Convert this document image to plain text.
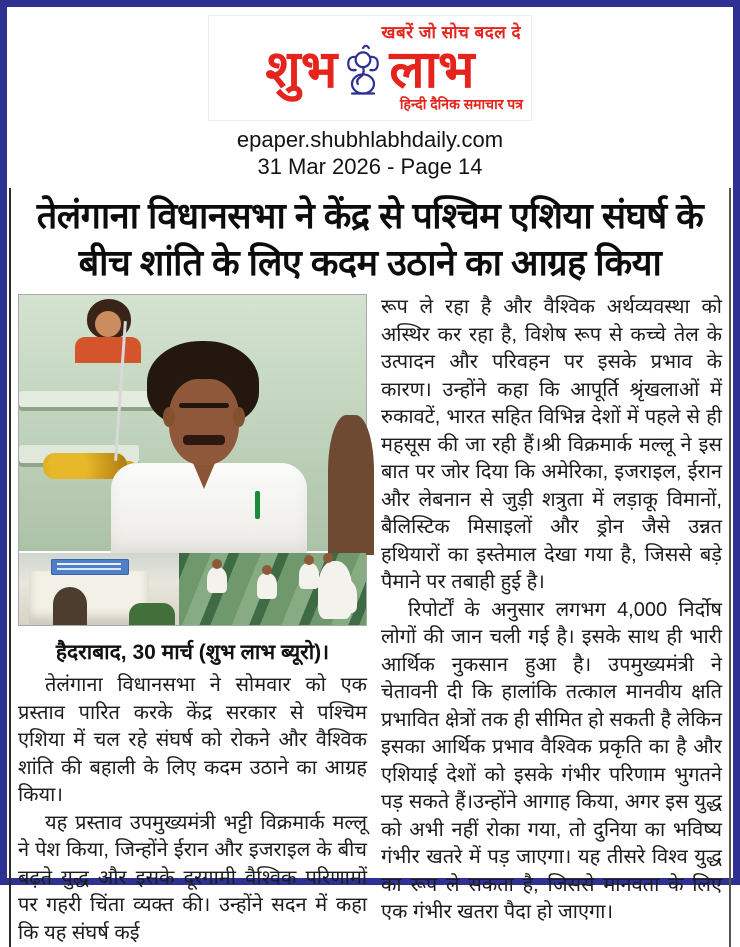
खबरें जो सोच बदल दे
शुभ लाभ
हिन्दी दैनिक समाचार पत्र
epaper.shubhlabhdaily.com
31 Mar 2026 - Page 14
तेलंगाना विधानसभा ने केंद्र से पश्चिम एशिया संघर्ष के
बीच शांति के लिए कदम उठाने का आग्रह किया
हैदराबाद, 30 मार्च (शुभ लाभ ब्यूरो)।

तेलंगाना विधानसभा ने सोमवार को एक प्रस्ताव पारित करके केंद्र सरकार से पश्चिम एशिया में चल रहे संघर्ष को रोकने और वैश्विक शांति की बहाली के लिए कदम उठाने का आग्रह किया।

यह प्रस्ताव उपमुख्यमंत्री भट्टी विक्रमार्क मल्लू ने पेश किया, जिन्होंने ईरान और इजराइल के बीच बढ़ते युद्ध और इसके दूरगामी वैश्विक परिणामों पर गहरी चिंता व्यक्त की। उन्होंने सदन में कहा कि यह संघर्ष कई

रूप ले रहा है और वैश्विक अर्थव्यवस्था को अस्थिर कर रहा है, विशेष रूप से कच्चे तेल के उत्पादन और परिवहन पर इसके प्रभाव के कारण। उन्होंने कहा कि आपूर्ति श्रृंखलाओं में रुकावटें, भारत सहित विभिन्न देशों में पहले से ही महसूस की जा रही हैं।श्री विक्रमार्क मल्लू ने इस बात पर जोर दिया कि अमेरिका, इजराइल, ईरान और लेबनान से जुड़ी शत्रुता में लड़ाकू विमानों, बैलिस्टिक मिसाइलों और ड्रोन जैसे उन्नत हथियारों का इस्तेमाल देखा गया है, जिससे बड़े पैमाने पर तबाही हुई है।

रिपोर्टों के अनुसार लगभग 4,000 निर्दोष लोगों की जान चली गई है। इसके साथ ही भारी आर्थिक नुकसान हुआ है। उपमुख्यमंत्री ने चेतावनी दी कि हालांकि तत्काल मानवीय क्षति प्रभावित क्षेत्रों तक ही सीमित हो सकती है लेकिन इसका आर्थिक प्रभाव वैश्विक प्रकृति का है और एशियाई देशों को इसके गंभीर परिणाम भुगतने पड़ सकते हैं।उन्होंने आगाह किया, अगर इस युद्ध को अभी नहीं रोका गया, तो दुनिया का भविष्य गंभीर खतरे में पड़ जाएगा। यह तीसरे विश्व युद्ध का रूप ले सकता है, जिससे मानवता के लिए एक गंभीर खतरा पैदा हो जाएगा।
